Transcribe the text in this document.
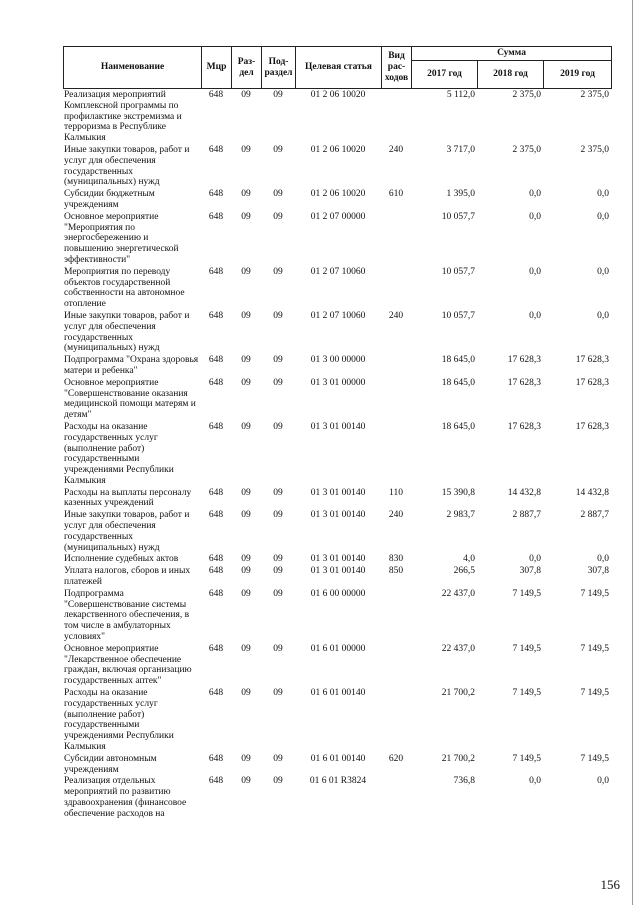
Наименование	Мцр	Раз-дел	Под-раздел	Целевая статья	Вид рас-ходов	Сумма		
						2017 год	2018 год	2019 год
Реализация мероприятий Комплексной программы по профилактике экстремизма и терроризма в Республике Калмыкия	648	09	09	01 2 06 10020		5 112,0	2 375,0	2 375,0
Иные закупки товаров, работ и услуг для обеспечения государственных (муниципальных) нужд	648	09	09	01 2 06 10020	240	3 717,0	2 375,0	2 375,0
Субсидии бюджетным учреждениям	648	09	09	01 2 06 10020	610	1 395,0	0,0	0,0
Основное мероприятие "Мероприятия по энергосбережению и повышению энергетической эффективности"	648	09	09	01 2 07 00000		10 057,7	0,0	0,0
Мероприятия по переводу объектов государственной собственности на автономное отопление	648	09	09	01 2 07 10060		10 057,7	0,0	0,0
Иные закупки товаров, работ и услуг для обеспечения государственных (муниципальных) нужд	648	09	09	01 2 07 10060	240	10 057,7	0,0	0,0
Подпрограмма "Охрана здоровья матери и ребенка"	648	09	09	01 3 00 00000		18 645,0	17 628,3	17 628,3
Основное мероприятие "Совершенствование оказания медицинской помощи матерям и детям"	648	09	09	01 3 01 00000		18 645,0	17 628,3	17 628,3
Расходы на оказание государственных услуг (выполнение работ) государственными учреждениями Республики Калмыкия	648	09	09	01 3 01 00140		18 645,0	17 628,3	17 628,3
Расходы на выплаты персоналу казенных учреждений	648	09	09	01 3 01 00140	110	15 390,8	14 432,8	14 432,8
Иные закупки товаров, работ и услуг для обеспечения государственных (муниципальных) нужд	648	09	09	01 3 01 00140	240	2 983,7	2 887,7	2 887,7
Исполнение судебных актов	648	09	09	01 3 01 00140	830	4,0	0,0	0,0
Уплата налогов, сборов и иных платежей	648	09	09	01 3 01 00140	850	266,5	307,8	307,8
Подпрограмма "Совершенствование системы лекарственного обеспечения, в том числе в амбулаторных условиях"	648	09	09	01 6 00 00000		22 437,0	7 149,5	7 149,5
Основное мероприятие "Лекарственное обеспечение граждан, включая организацию государственных аптек"	648	09	09	01 6 01 00000		22 437,0	7 149,5	7 149,5
Расходы на оказание государственных услуг (выполнение работ) государственными учреждениями Республики Калмыкия	648	09	09	01 6 01 00140		21 700,2	7 149,5	7 149,5
Субсидии автономным учреждениям	648	09	09	01 6 01 00140	620	21 700,2	7 149,5	7 149,5
Реализация отдельных мероприятий по развитию здравоохранения (финансовое обеспечение расходов на	648	09	09	01 6 01 R3824		736,8	0,0	0,0
156
